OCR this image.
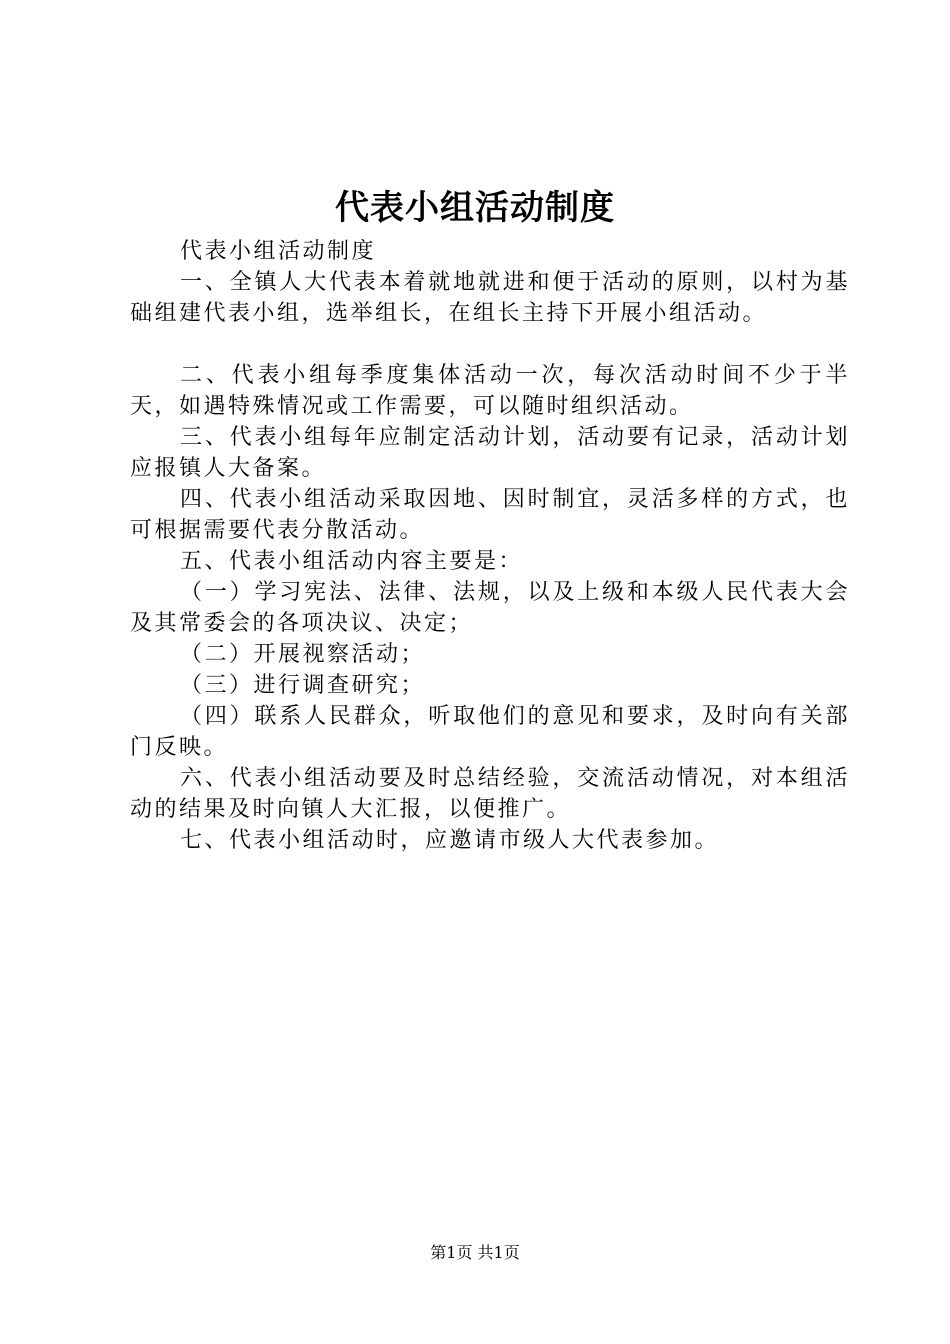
代表小组活动制度

代表小组活动制度

一、全镇人大代表本着就地就进和便于活动的原则，以村为基础组建代表小组，选举组长，在组长主持下开展小组活动。

二、代表小组每季度集体活动一次，每次活动时间不少于半天，如遇特殊情况或工作需要，可以随时组织活动。

三、代表小组每年应制定活动计划，活动要有记录，活动计划应报镇人大备案。

四、代表小组活动采取因地、因时制宜，灵活多样的方式，也可根据需要代表分散活动。

五、代表小组活动内容主要是：

（一）学习宪法、法律、法规，以及上级和本级人民代表大会及其常委会的各项决议、决定；

（二）开展视察活动；

（三）进行调查研究；

（四）联系人民群众，听取他们的意见和要求，及时向有关部门反映。

六、代表小组活动要及时总结经验，交流活动情况，对本组活动的结果及时向镇人大汇报，以便推广。

七、代表小组活动时，应邀请市级人大代表参加。

第1页 共1页
